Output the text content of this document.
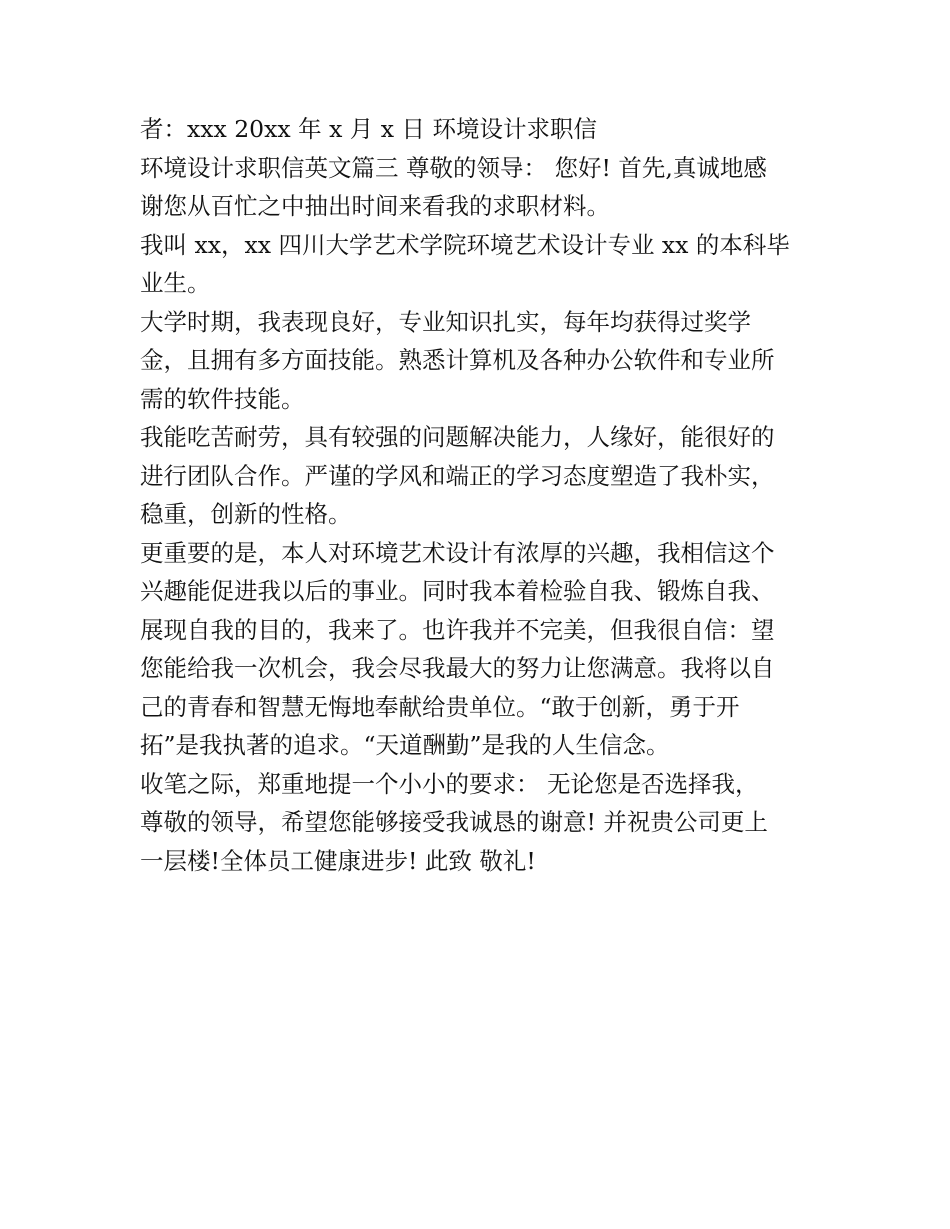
者：xxx 20xx 年 x 月 x 日 环境设计求职信
环境设计求职信英文篇三 尊敬的领导： 您好! 首先,真诚地感
谢您从百忙之中抽出时间来看我的求职材料。
我叫 xx，xx 四川大学艺术学院环境艺术设计专业 xx 的本科毕
业生。
大学时期，我表现良好，专业知识扎实，每年均获得过奖学
金，且拥有多方面技能。熟悉计算机及各种办公软件和专业所
需的软件技能。
我能吃苦耐劳，具有较强的问题解决能力，人缘好，能很好的
进行团队合作。严谨的学风和端正的学习态度塑造了我朴实，
稳重，创新的性格。
更重要的是，本人对环境艺术设计有浓厚的兴趣，我相信这个
兴趣能促进我以后的事业。同时我本着检验自我、锻炼自我、
展现自我的目的，我来了。也许我并不完美，但我很自信：望
您能给我一次机会，我会尽我最大的努力让您满意。我将以自
己的青春和智慧无悔地奉献给贵单位。“敢于创新，勇于开
拓”是我执著的追求。“天道酬勤”是我的人生信念。
收笔之际，郑重地提一个小小的要求： 无论您是否选择我，
尊敬的领导，希望您能够接受我诚恳的谢意! 并祝贵公司更上
一层楼!全体员工健康进步! 此致 敬礼!
